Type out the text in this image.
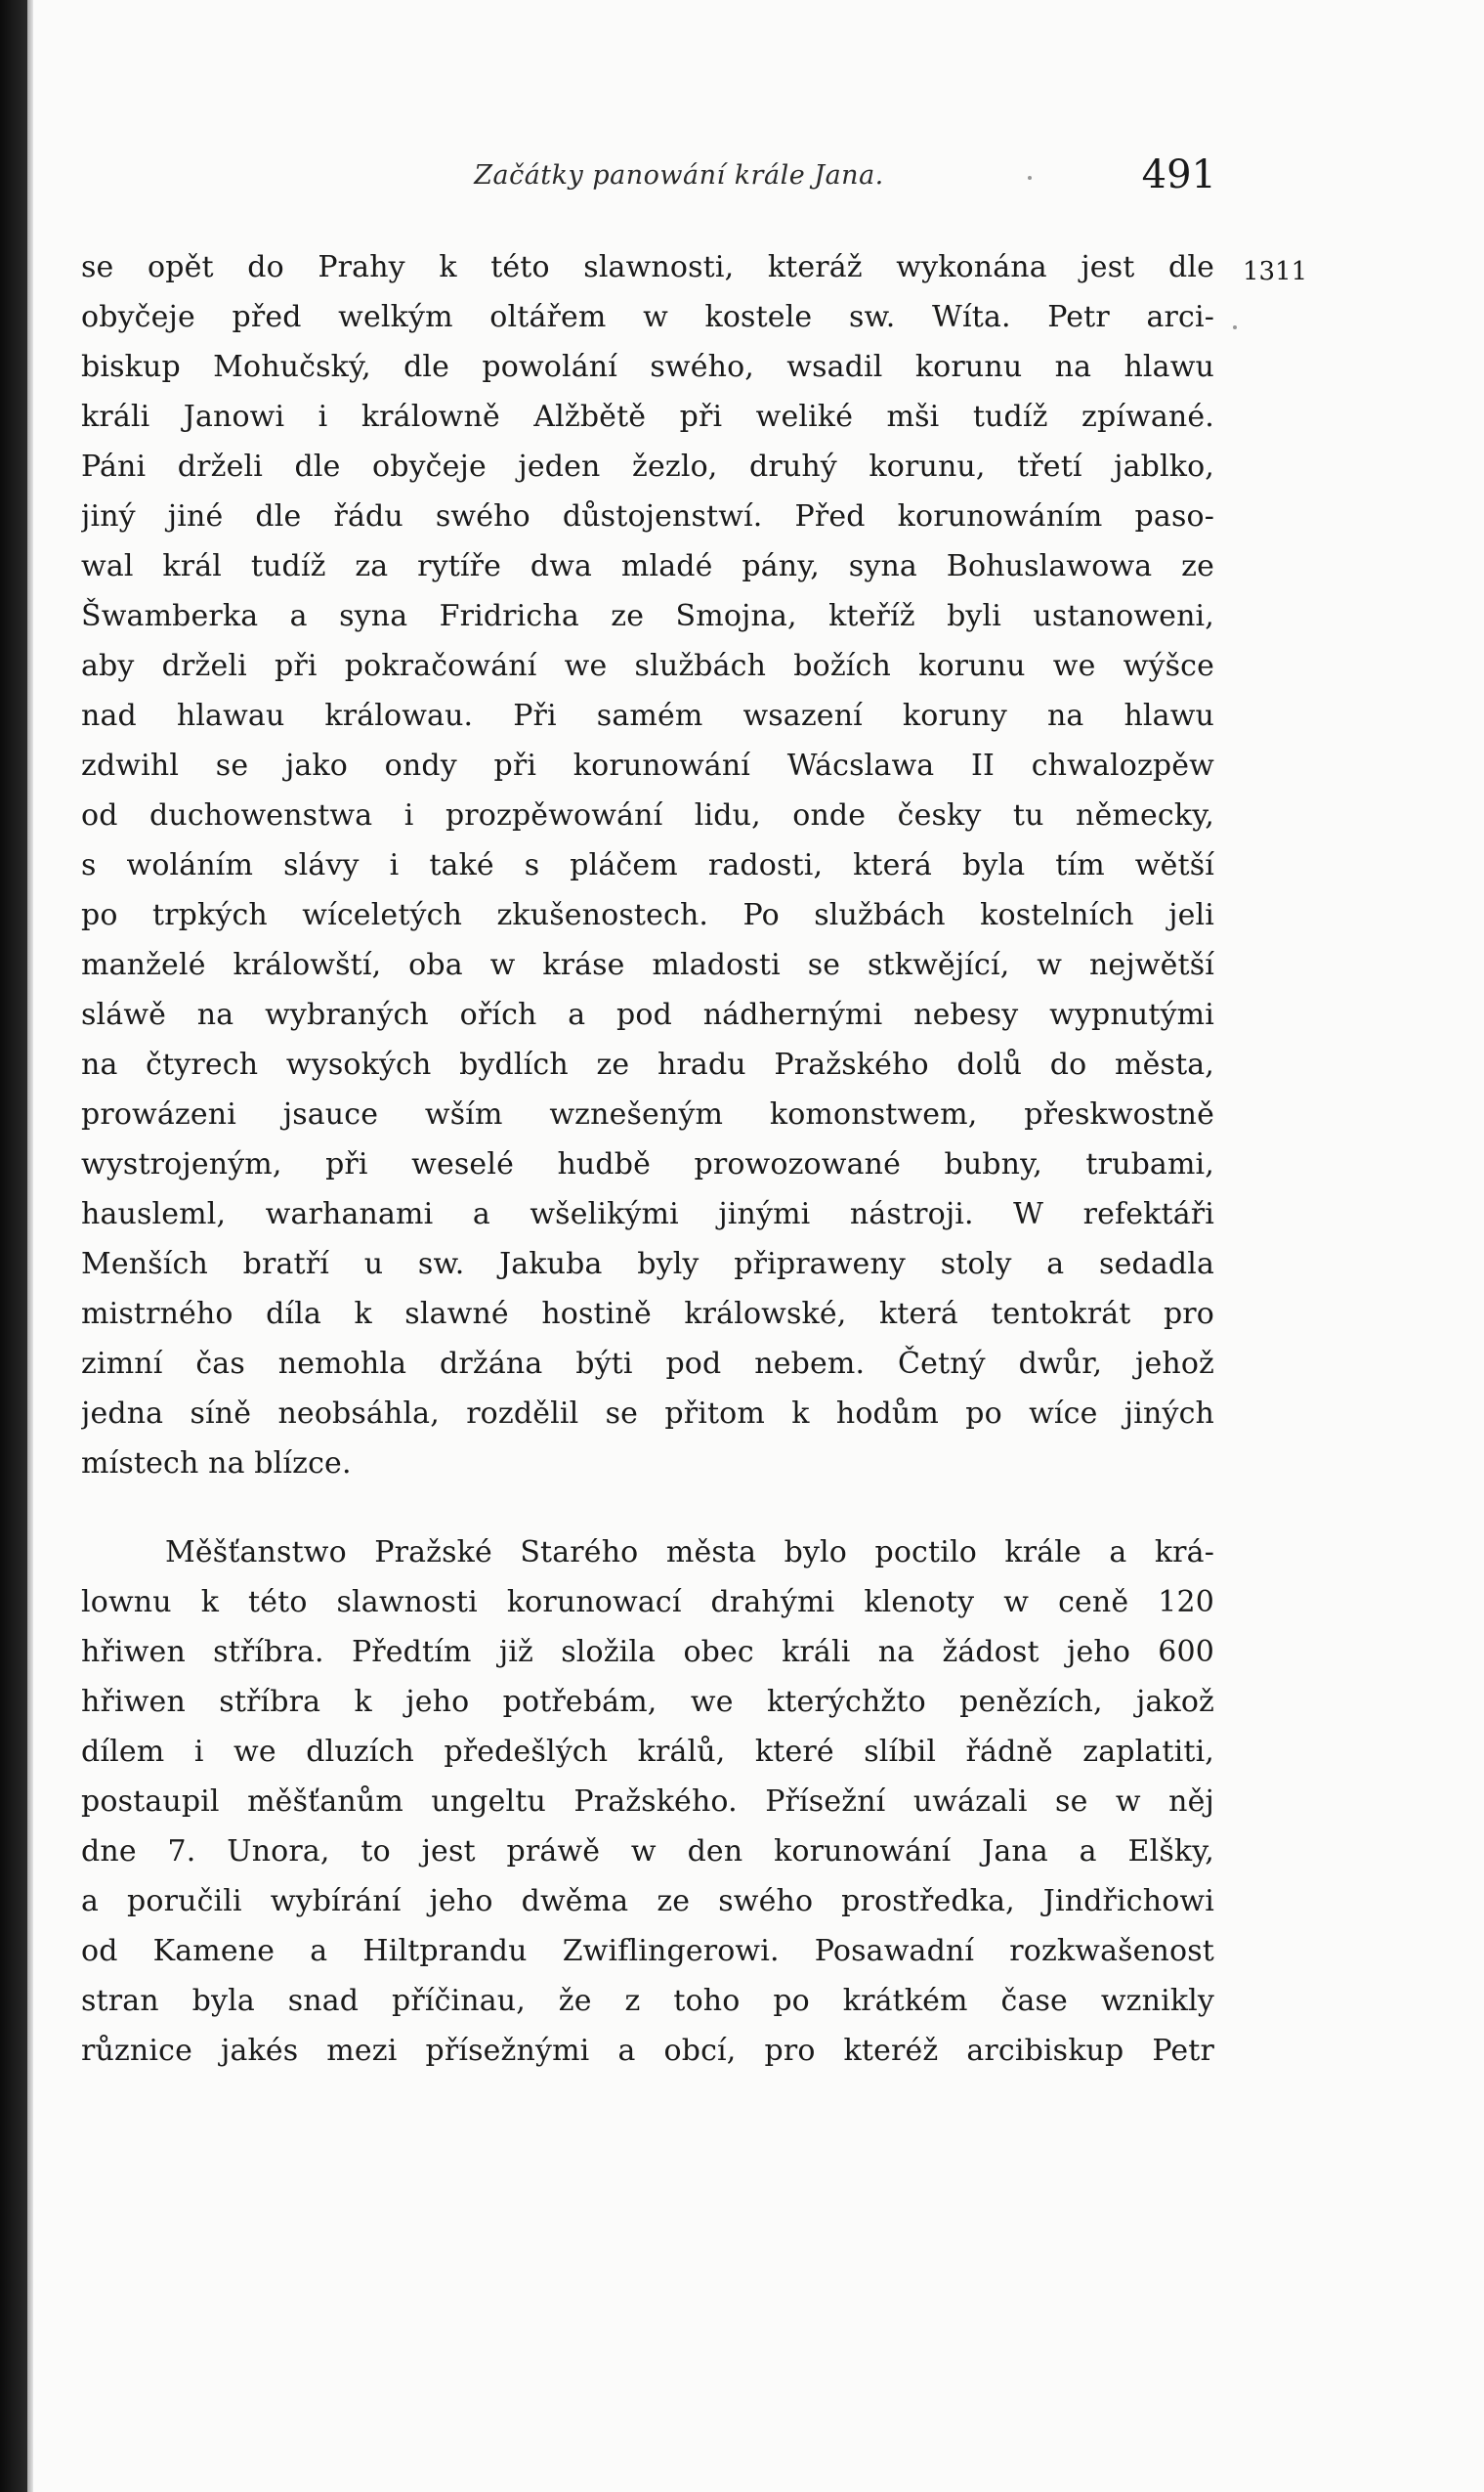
Začátky panowání krále Jana.	491

1311

se opět do Prahy k této slawnosti, kteráž wykonána jest dle

obyčeje před welkým oltářem w kostele sw. Wíta. Petr arci-

biskup Mohučský, dle powolání swého, wsadil korunu na hlawu

králi Janowi i králowně Alžbětě při weliké mši tudíž zpíwané.

Páni drželi dle obyčeje jeden žezlo, druhý korunu, třetí jablko,

jiný jiné dle řádu swého důstojenstwí. Před korunowáním paso-

wal král tudíž za rytíře dwa mladé pány, syna Bohuslawowa ze

Šwamberka a syna Fridricha ze Smojna, kteříž byli ustanoweni,

aby drželi při pokračowání we službách božích korunu we wýšce

nad hlawau králowau. Při samém wsazení koruny na hlawu

zdwihl se jako ondy při korunowání Wácslawa II chwalozpěw

od duchowenstwa i prozpěwowání lidu, onde česky tu německy,

s woláním slávy i také s pláčem radosti, která byla tím wětší

po trpkých wíceletých zkušenostech. Po službách kostelních jeli

manželé králowští, oba w krásе mladosti se stkwějící, w nejwětší

sláwě na wybraných ořích a pod nádhernými nebesy wypnutými

na čtyrech wysokých bydlích ze hradu Pražského dolů do města,

prowázeni jsauce wším wznešeným komonstwem, přeskwostně

wystrojeným, při weselé hudbě prowozowané bubny, trubami,

hausleml, warhanami a wšelikými jinými nástroji. W refektáři

Menších bratří u sw. Jakuba byly připraweny stoly a sedadla

mistrného díla k slawné hostině králowské, která tentokrát pro

zimní čas nemohla držána býti pod nebem. Četný dwůr, jehož

jedna síně neobsáhla, rozdělil se přitom k hodům po wíce jiných

místech na blízce.

Měšťanstwo Pražské Starého města bylo poctilo krále a krá-

lownu k této slawnosti korunowací drahými klenoty w ceně 120

hřiwen stříbra. Předtím již složila obec králi na žádost jeho 600

hřiwen stříbra k jeho potřebám, we kterýchžto penězích, jakož

dílem i we dluzích předešlých králů, které slíbil řádně zaplatiti,

postaupil měšťanům ungeltu Pražského. Přísežní uwázali se w něj

dne 7. Unora, to jest práwě w den korunowání Jana a Elšky,

a poručili wybírání jeho dwěma ze swého prostředka, Jindřichowi

od Kamene a Hiltprandu Zwiflingerowi. Posawadní rozkwašenost

stran byla snad příčinau, že z toho po krátkém čase wznikly

různice jakés mezi přísežnými a obcí, pro kteréž arcibiskup Petr
